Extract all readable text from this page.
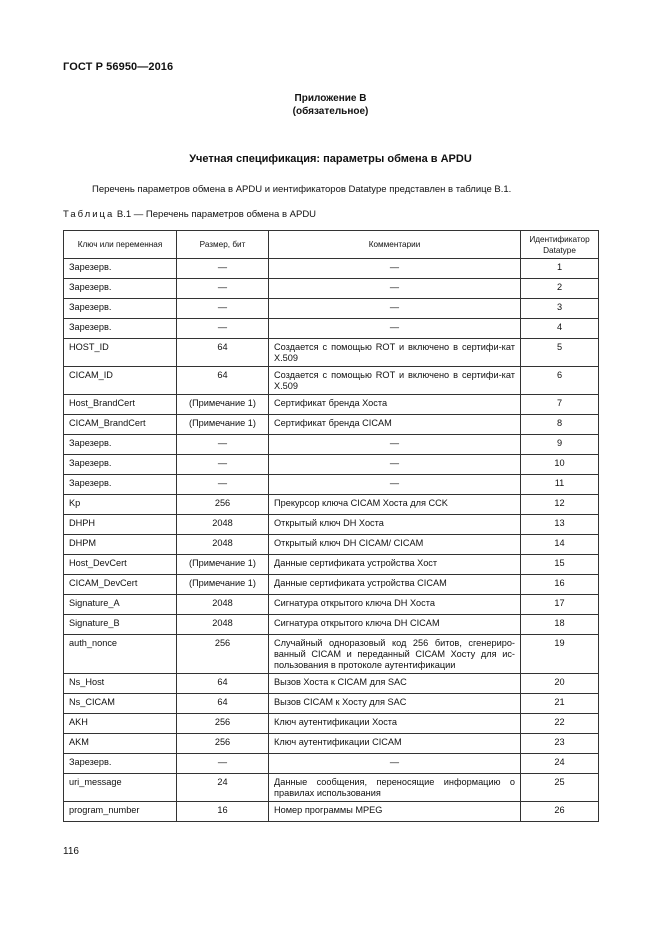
ГОСТ Р 56950—2016
Приложение В
(обязательное)
Учетная спецификация: параметры обмена в APDU
Перечень параметров обмена в APDU и иентификаторов Datatype представлен в таблице В.1.
Таблица В.1 — Перечень параметров обмена в APDU
Ключ или переменная	Размер, бит	Комментарии	Идентификатор
Datatype
Зарезерв.	—	—	1
Зарезерв.	—	—	2
Зарезерв.	—	—	3
Зарезерв.	—	—	4
HOST_ID	64	Создается с помощью ROT и включено в сертифи-кат X.509	5
CICAM_ID	64	Создается с помощью ROT и включено в сертифи-кат X.509	6
Host_BrandCert	(Примечание 1)	Сертификат бренда Хоста	7
CICAM_BrandCert	(Примечание 1)	Сертификат бренда CICAM	8
Зарезерв.	—	—	9
Зарезерв.	—	—	10
Зарезерв.	—	—	11
Kp	256	Прекурсор ключа CICAM Хоста для CCK	12
DHPH	2048	Открытый ключ DH Хоста	13
DHPM	2048	Открытый ключ DH CICAM/ CICAM	14
Host_DevCert	(Примечание 1)	Данные сертификата устройства Хост	15
CICAM_DevCert	(Примечание 1)	Данные сертификата устройства CICAM	16
Signature_A	2048	Сигнатура открытого ключа DH Хоста	17
Signature_B	2048	Сигнатура открытого ключа DH CICAM	18
auth_nonce	256	Случайный одноразовый код 256 битов, сгенериро-ванный CICAM и переданный CICAM Хосту для ис-пользования в протоколе аутентификации	19
Ns_Host	64	Вызов Хоста к CICAM для SAC	20
Ns_CICAM	64	Вызов CICAM к Хосту для SAC	21
AKH	256	Ключ аутентификации Хоста	22
AKM	256	Ключ аутентификации CICAM	23
Зарезерв.	—	—	24
uri_message	24	Данные сообщения, переносящие информацию о правилах использования	25
program_number	16	Номер программы MPEG	26
116
